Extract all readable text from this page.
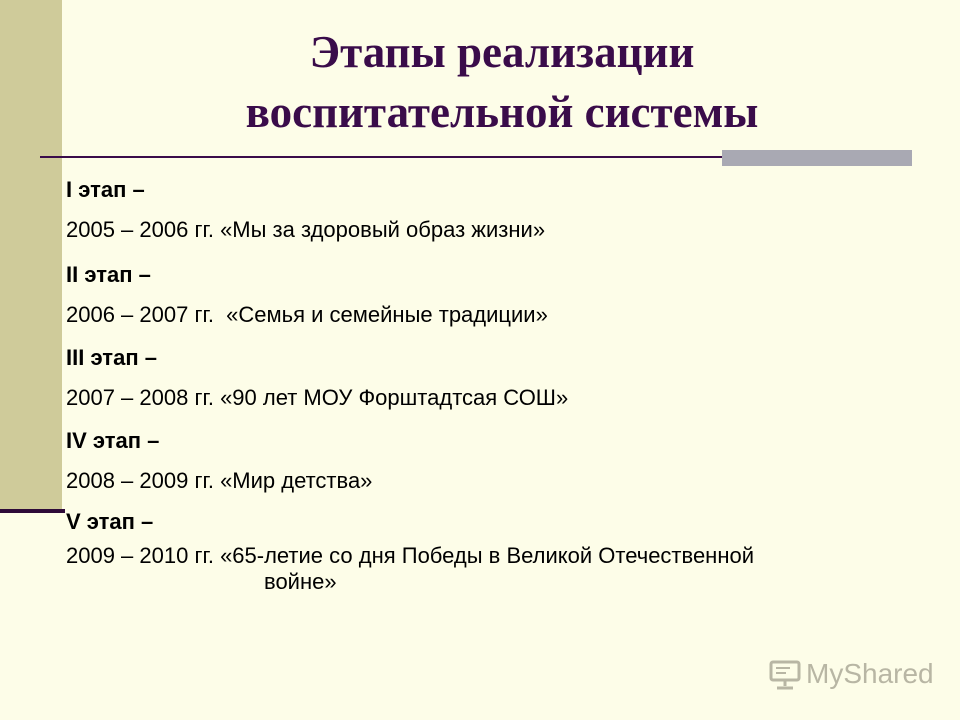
Этапы реализации
воспитательной системы
I этап –
2005 – 2006 гг. «Мы за здоровый образ жизни»
II этап –
2006 – 2007 гг. «Семья и семейные традиции»
III этап –
2007 – 2008 гг. «90 лет МОУ Форштадтсая СОШ»
IV этап –
2008 – 2009 гг. «Мир детства»
V этап –
2009 – 2010 гг. «65-летие со дня Победы в Великой Отечественной
войне»
MyShared
